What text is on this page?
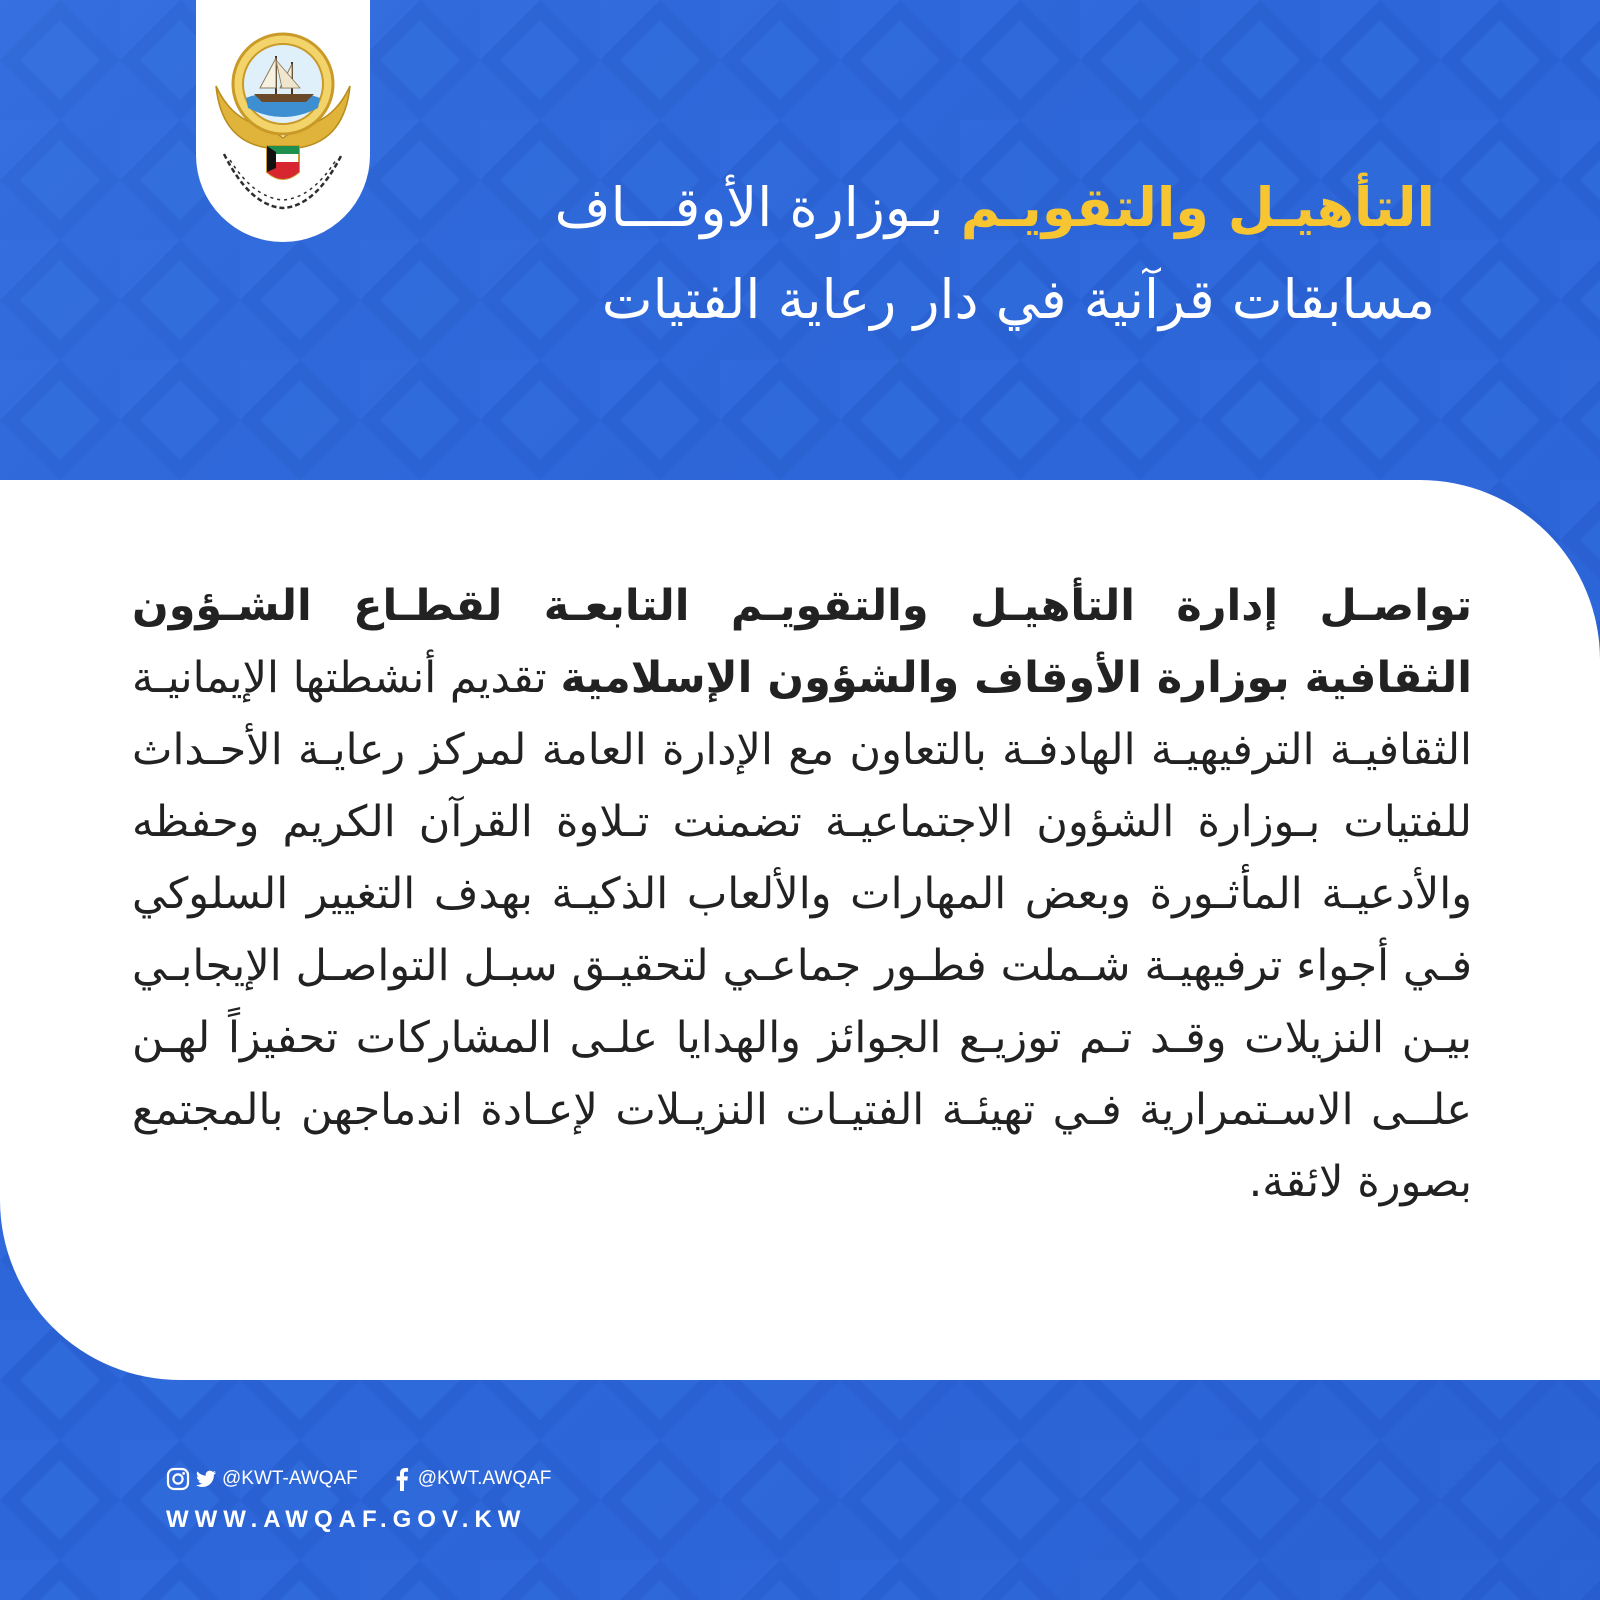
التأهيـل والتقويـم بـوزارة الأوقـــاف
مسابقات قرآنية في دار رعاية الفتيات
تواصـل إدارة التأهيـل والتقويـم التابعـة لقطـاع الشـؤون الثقافية بوزارة الأوقاف والشؤون الإسلامية تقديم أنشطتها الإيمانيـة الثقافيـة الترفيهيـة الهادفـة بالتعاون مع الإدارة العامة لمركز رعايـة الأحـداث للفتيات بـوزارة الشؤون الاجتماعيـة تضمنت تـلاوة القرآن الكريم وحفظه والأدعيـة المأثـورة وبعض المهارات والألعاب الذكيـة بهدف التغيير السلوكي فـي أجواء ترفيهيـة شـملت فطـور جماعـي لتحقيـق سبـل التواصـل الإيجابـي بيـن النزيلات وقـد تـم توزيـع الجوائز والهدايا علـى المشاركات تحفيزاً لهـن علــى الاسـتمرارية فـي تهيئـة الفتيـات النزيـلات لإعـادة اندماجهن بالمجتمع بصورة لائقة.
@KWT-AWQAF	@KWT.AWQAF
WWW.AWQAF.GOV.KW
